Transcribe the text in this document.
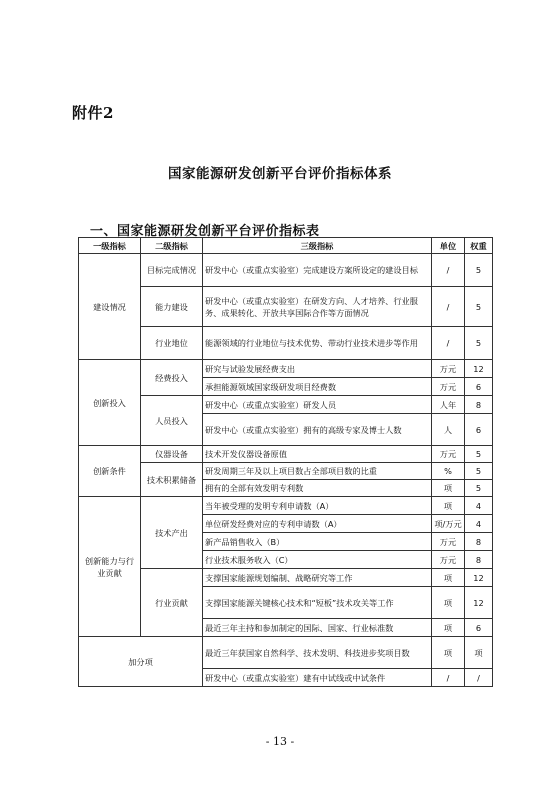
附件2
国家能源研发创新平台评价指标体系
一、国家能源研发创新平台评价指标表
一级指标	二级指标	三级指标	单位	权重
建设情况	目标完成情况	研发中心（或重点实验室）完成建设方案所设定的建设目标	/	5
	能力建设	研发中心（或重点实验室）在研发方向、人才培养、行业服务、成果转化、开放共享国际合作等方面情况	/	5
	行业地位	能源领域的行业地位与技术优势、带动行业技术进步等作用	/	5
创新投入	经费投入	研究与试验发展经费支出	万元	12
		承担能源领域国家级研发项目经费数	万元	6
	人员投入	研发中心（或重点实验室）研发人员	人年	8
		研发中心（或重点实验室）拥有的高级专家及博士人数	人	6
创新条件	仪器设备	技术开发仪器设备原值	万元	5
	技术积累储备	研发周期三年及以上项目数占全部项目数的比重	%	5
		拥有的全部有效发明专利数	项	5
创新能力与行业贡献	技术产出	当年被受理的发明专利申请数（A）	项	4
		单位研发经费对应的专利申请数（A）	项/万元	4
		新产品销售收入（B）	万元	8
		行业技术服务收入（C）	万元	8
	行业贡献	支撑国家能源规划编制、战略研究等工作	项	12
		支撑国家能源关键核心技术和“短板”技术攻关等工作	项	12
		最近三年主持和参加制定的国际、国家、行业标准数	项	6
加分项		最近三年获国家自然科学、技术发明、科技进步奖项目数	项	项
		研发中心（或重点实验室）建有中试线或中试条件	/	/
- 13 -
